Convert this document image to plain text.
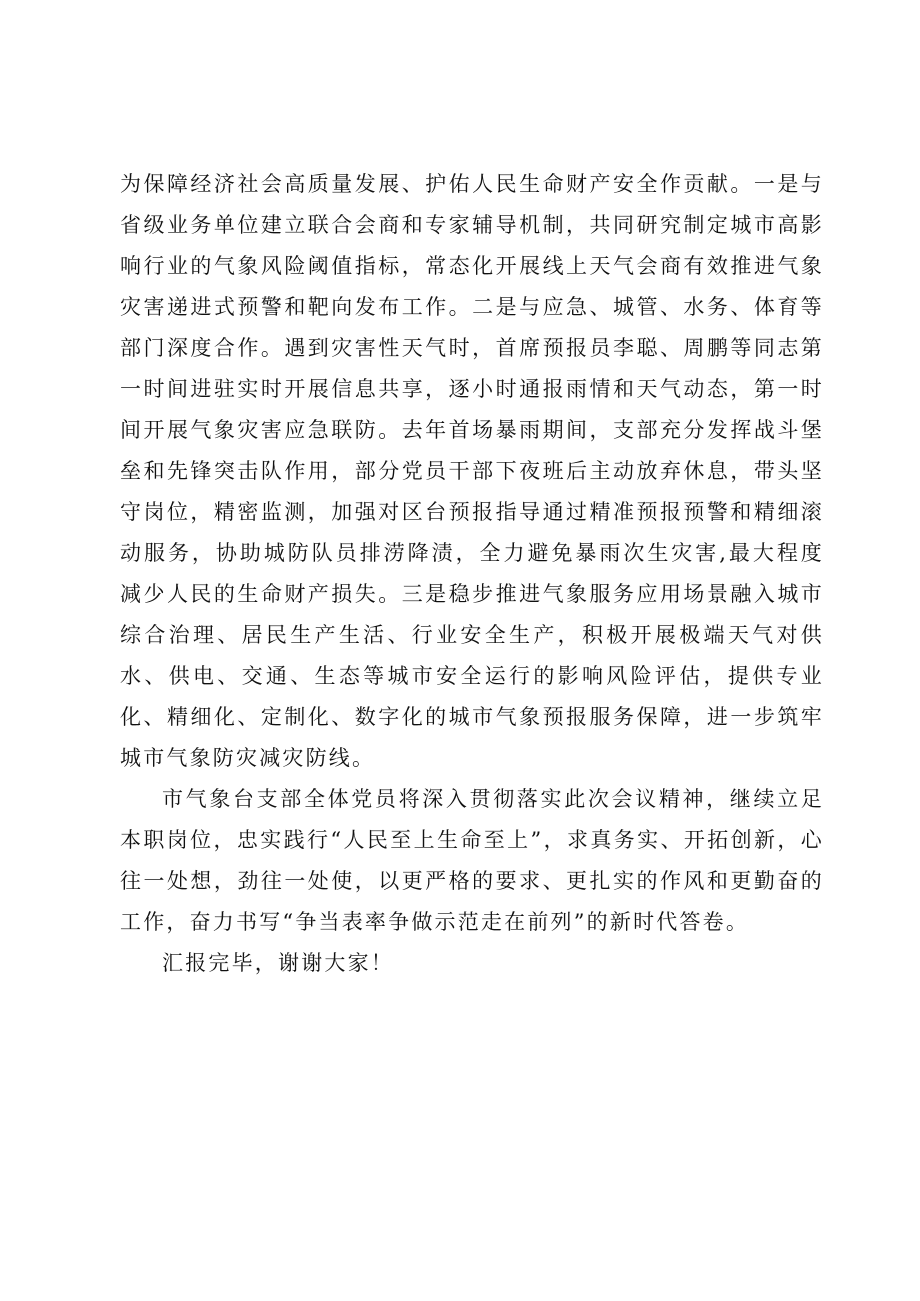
为保障经济社会高质量发展、护佑人民生命财产安全作贡献。一是与省级业务单位建立联合会商和专家辅导机制，共同研究制定城市高影响行业的气象风险阈值指标，常态化开展线上天气会商有效推进气象灾害递进式预警和靶向发布工作。二是与应急、城管、水务、体育等部门深度合作。遇到灾害性天气时，首席预报员李聪、周鹏等同志第一时间进驻实时开展信息共享，逐小时通报雨情和天气动态，第一时间开展气象灾害应急联防。去年首场暴雨期间，支部充分发挥战斗堡垒和先锋突击队作用，部分党员干部下夜班后主动放弃休息，带头坚守岗位，精密监测，加强对区台预报指导通过精准预报预警和精细滚动服务，协助城防队员排涝降渍，全力避免暴雨次生灾害,最大程度减少人民的生命财产损失。三是稳步推进气象服务应用场景融入城市综合治理、居民生产生活、行业安全生产，积极开展极端天气对供水、供电、交通、生态等城市安全运行的影响风险评估，提供专业化、精细化、定制化、数字化的城市气象预报服务保障，进一步筑牢城市气象防灾减灾防线。

市气象台支部全体党员将深入贯彻落实此次会议精神，继续立足本职岗位，忠实践行“人民至上生命至上”，求真务实、开拓创新，心往一处想，劲往一处使，以更严格的要求、更扎实的作风和更勤奋的工作，奋力书写“争当表率争做示范走在前列”的新时代答卷。

汇报完毕，谢谢大家！
